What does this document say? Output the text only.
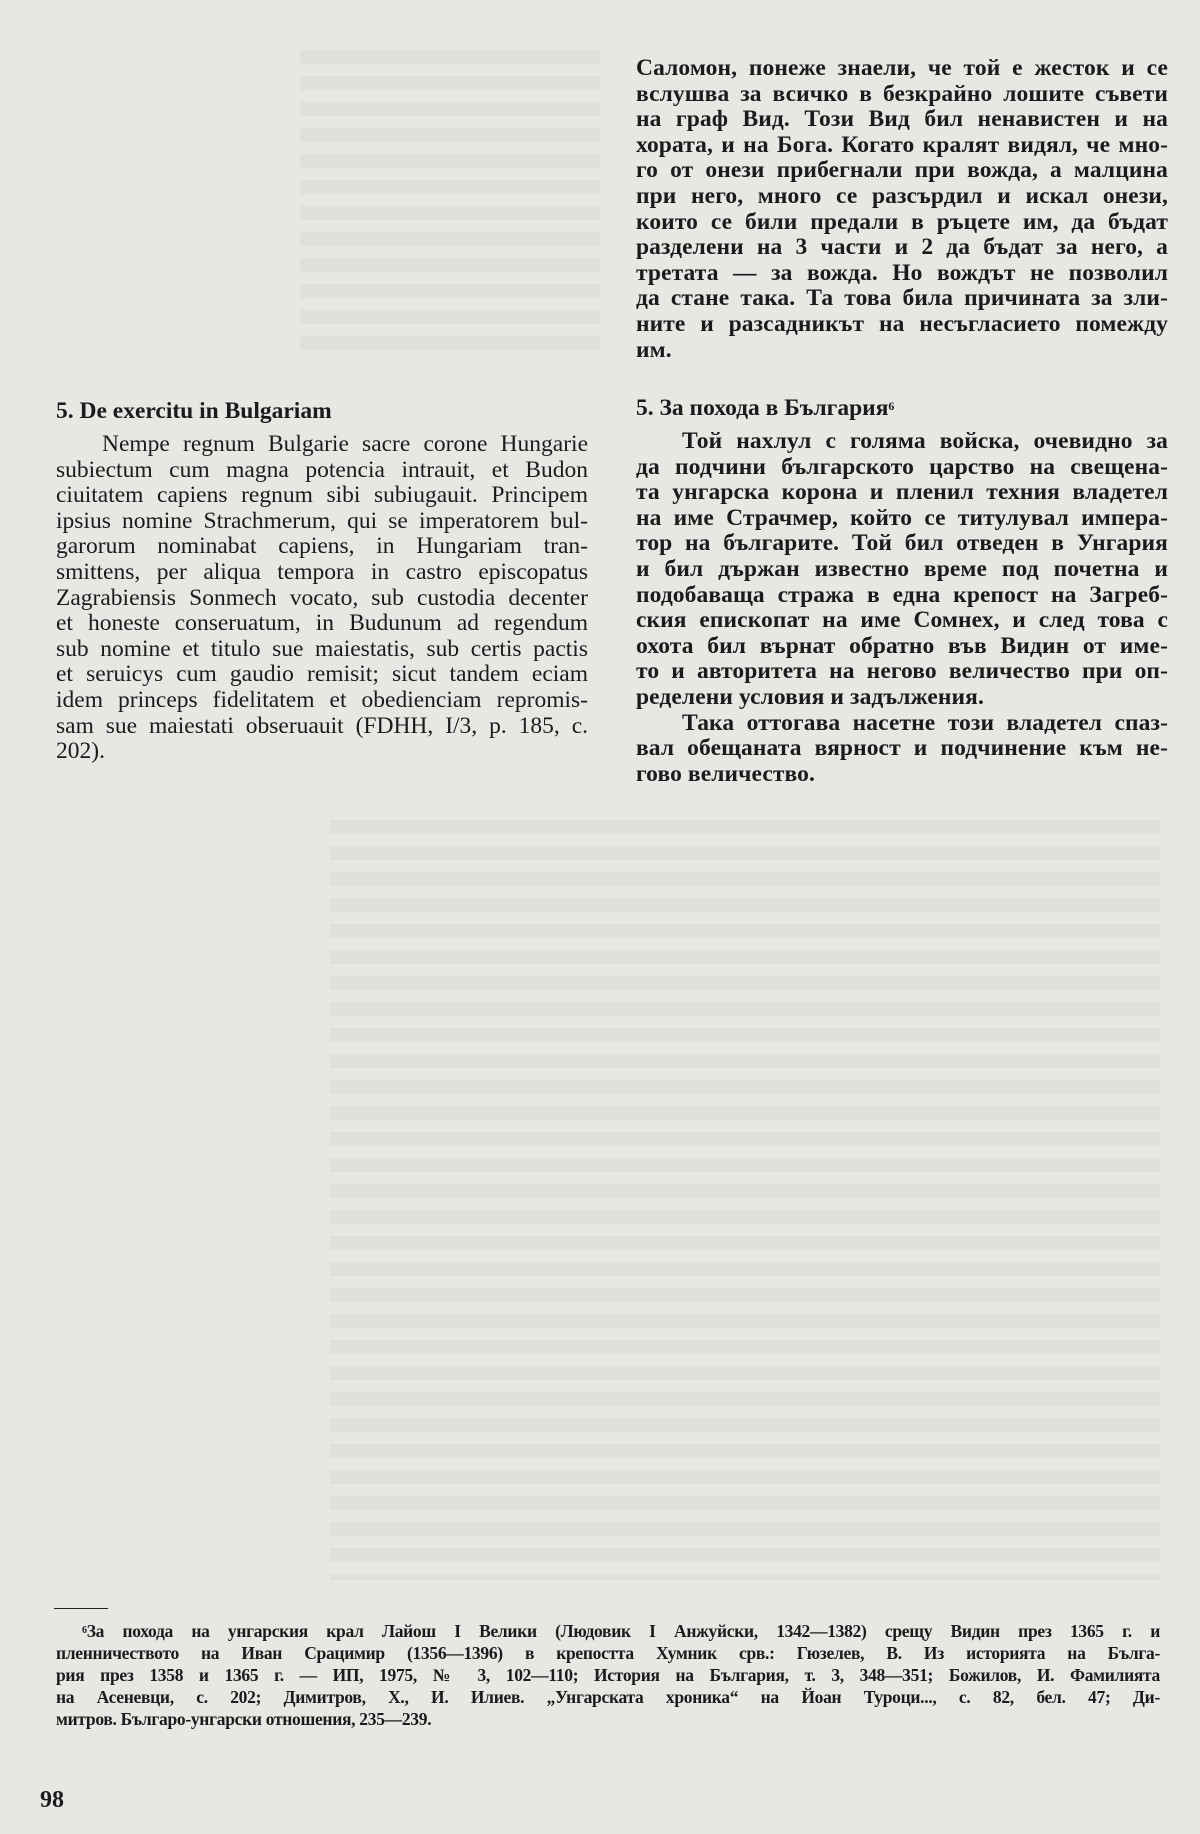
Саломон, понеже знаели, че той е жесток и се
вслушва за всичко в безкрайно лошите съвети
на граф Вид. Този Вид бил ненавистен и на
хората, и на Бога. Когато кралят видял, че мно-
го от онези прибегнали при вожда, а малцина
при него, много се разсърдил и искал онези,
които се били предали в ръцете им, да бъдат
разделени на 3 части и 2 да бъдат за него, а
третата — за вожда. Но вождът не позволил
да стане така. Та това била причината за зли-
ните и разсадникът на несъгласието помежду
им.
5. De exercitu in Bulgariam
Nempe regnum Bulgarie sacre corone Hungarie
subiectum cum magna potencia intrauit, et Budon
ciuitatem capiens regnum sibi subiugauit. Principem
ipsius nomine Strachmerum, qui se imperatorem bul-
garorum nominabat capiens, in Hungariam tran-
smittens, per aliqua tempora in castro episcopatus
Zagrabiensis Sonmech vocato, sub custodia decenter
et honeste conseruatum, in Budunum ad regendum
sub nomine et titulo sue maiestatis, sub certis pactis
et seruicys cum gaudio remisit; sicut tandem eciam
idem princeps fidelitatem et obedienciam repromis-
sam sue maiestati obseruauit (FDHH, I/3, p. 185, c.
202).
5. За похода в България$^6$
Той нахлул с голяма войска, очевидно за
да подчини българското царство на свещена-
та унгарска корона и пленил техния владетел
на име Страчмер, който се титулувал импера-
тор на българите. Той бил отведен в Унгария
и бил държан известно време под почетна и
подобаваща стража в една крепост на Загреб-
ския епископат на име Сомнех, и след това с
охота бил върнат обратно във Видин от име-
то и авторитета на негово величество при оп-
ределени условия и задължения.
Така оттогава насетне този владетел спаз-
вал обещаната вярност и подчинение към не-
гово величество.
$^6$За похода на унгарския крал Лайош I Велики (Людовик I Анжуйски, 1342—1382) срещу Видин през 1365 г. и
пленничеството на Иван Срацимир (1356—1396) в крепостта Хумник срв.: Гюзелев, В. Из историята на Бълга-
рия през 1358 и 1365 г. — ИП, 1975, № 3, 102—110; История на България, т. 3, 348—351; Божилов, И. Фамилията
на Асеневци, с. 202; Димитров, Х., И. Илиев. „Унгарската хроника“ на Йоан Туроци..., с. 82, бел. 47; Ди-
митров. Българо-унгарски отношения, 235—239.
98
